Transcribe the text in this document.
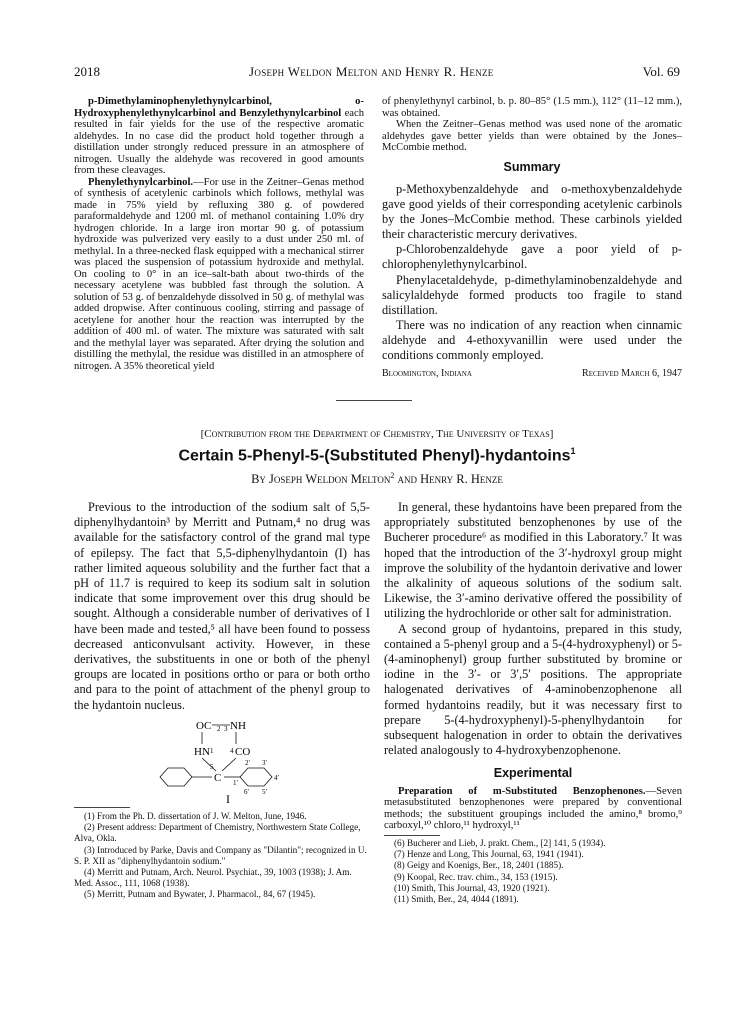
2018	Joseph Weldon Melton and Henry R. Henze	Vol. 69
p-Dimethylaminophenylethynylcarbinol, o-Hydroxyphenylethynylcarbinol and Benzylethynylcarbinol each resulted in fair yields for the use of the respective aromatic aldehydes. In no case did the product hold together through a distillation under strongly reduced pressure in an atmosphere of nitrogen. Usually the aldehyde was recovered in good amounts from these cleavages.
Phenylethynylcarbinol.—For use in the Zeitner–Genas method of synthesis of acetylenic carbinols which follows, methylal was made in 75% yield by refluxing 380 g. of powdered paraformaldehyde and 1200 ml. of methanol containing 1.0% dry hydrogen chloride. In a large iron mortar 90 g. of potassium hydroxide was pulverized very easily to a dust under 250 ml. of methylal. In a three-necked flask equipped with a mechanical stirrer was placed the suspension of potassium hydroxide and methylal. On cooling to 0° in an ice–salt-bath about two-thirds of the necessary acetylene was bubbled fast through the solution. A solution of 53 g. of benzaldehyde dissolved in 50 g. of methylal was added dropwise. After continuous cooling, stirring and passage of acetylene for another hour the reaction was interrupted by the addition of 400 ml. of water. The mixture was saturated with salt and the methylal layer was separated. After drying the solution and distilling the methylal, the residue was distilled in an atmosphere of nitrogen. A 35% theoretical yield
of phenylethynyl carbinol, b. p. 80–85° (1.5 mm.), 112° (11–12 mm.), was obtained.
When the Zeitner–Genas method was used none of the aromatic aldehydes gave better yields than were obtained by the Jones–McCombie method.
Summary

p-Methoxybenzaldehyde and o-methoxybenzaldehyde gave good yields of their corresponding acetylenic carbinols by the Jones–McCombie method. These carbinols yielded their characteristic mercury derivatives.

p-Chlorobenzaldehyde gave a poor yield of p-chlorophenylethynylcarbinol.

Phenylacetaldehyde, p-dimethylaminobenzaldehyde and salicylaldehyde formed products too fragile to stand distillation.

There was no indication of any reaction when cinnamic aldehyde and 4-ethoxyvanillin were used under the conditions commonly employed.

Bloomington, Indiana	Received March 6, 1947
[Contribution from the Department of Chemistry, The University of Texas]
Certain 5-Phenyl-5-(Substituted Phenyl)-hydantoins$^1$
By Joseph Weldon Melton$^2$ and Henry R. Henze

Previous to the introduction of the sodium salt of 5,5-diphenylhydantoin³ by Merritt and Putnam,⁴ no drug was available for the satisfactory control of the grand mal type of epilepsy. The fact that 5,5-diphenylhydantoin (I) has rather limited aqueous solubility and the further fact that a pH of 11.7 is required to keep its sodium salt in solution indicate that some improvement over this drug should be sought. Although a considerable number of derivatives of I have been made and tested,⁵ all have been found to possess decreased anticonvulsant activity. However, in these derivatives, the substituents in one or both of the phenyl groups are located in positions ortho or para or both ortho and para to the point of attachment of the phenyl group to the hydantoin nucleus.

OC NH
2 3
HN 1 4 CO
5
C 1′
2′ 3′
4′
5′
6′
I

(1) From the Ph. D. dissertation of J. W. Melton, June, 1946.

(2) Present address: Department of Chemistry, Northwestern State College, Alva, Okla.

(3) Introduced by Parke, Davis and Company as "Dilantin"; recognized in U. S. P. XII as "diphenylhydantoin sodium."

(4) Merritt and Putnam, Arch. Neurol. Psychiat., 39, 1003 (1938); J. Am. Med. Assoc., 111, 1068 (1938).

(5) Merritt, Putnam and Bywater, J. Pharmacol., 84, 67 (1945).

In general, these hydantoins have been prepared from the appropriately substituted benzophenones by use of the Bucherer procedure⁶ as modified in this Laboratory.⁷ It was hoped that the introduction of the 3′-hydroxyl group might improve the solubility of the hydantoin derivative and lower the alkalinity of aqueous solutions of the sodium salt. Likewise, the 3′-amino derivative offered the possibility of utilizing the hydrochloride or other salt for administration.

A second group of hydantoins, prepared in this study, contained a 5-phenyl group and a 5-(4-hydroxyphenyl) or 5-(4-aminophenyl) group further substituted by bromine or iodine in the 3′- or 3′,5′ positions. The appropriate halogenated derivatives of 4-aminobenzophenone all formed hydantoins readily, but it was necessary first to prepare 5-(4-hydroxyphenyl)-5-phenylhydantoin for subsequent halogenation in order to obtain the derivatives related analogously to 4-hydroxybenzophenone.

Experimental
Preparation of m-Substituted Benzophenones.—Seven metasubstituted benzophenones were prepared by conventional methods; the substituent groupings included the amino,⁸ bromo,⁹ carboxyl,¹⁰ chloro,¹¹ hydroxyl,¹¹

(6) Bucherer and Lieb, J. prakt. Chem., [2] 141, 5 (1934).

(7) Henze and Long, This Journal, 63, 1941 (1941).

(8) Geigy and Koenigs, Ber., 18, 2401 (1885).

(9) Koopal, Rec. trav. chim., 34, 153 (1915).

(10) Smith, This Journal, 43, 1920 (1921).

(11) Smith, Ber., 24, 4044 (1891).
